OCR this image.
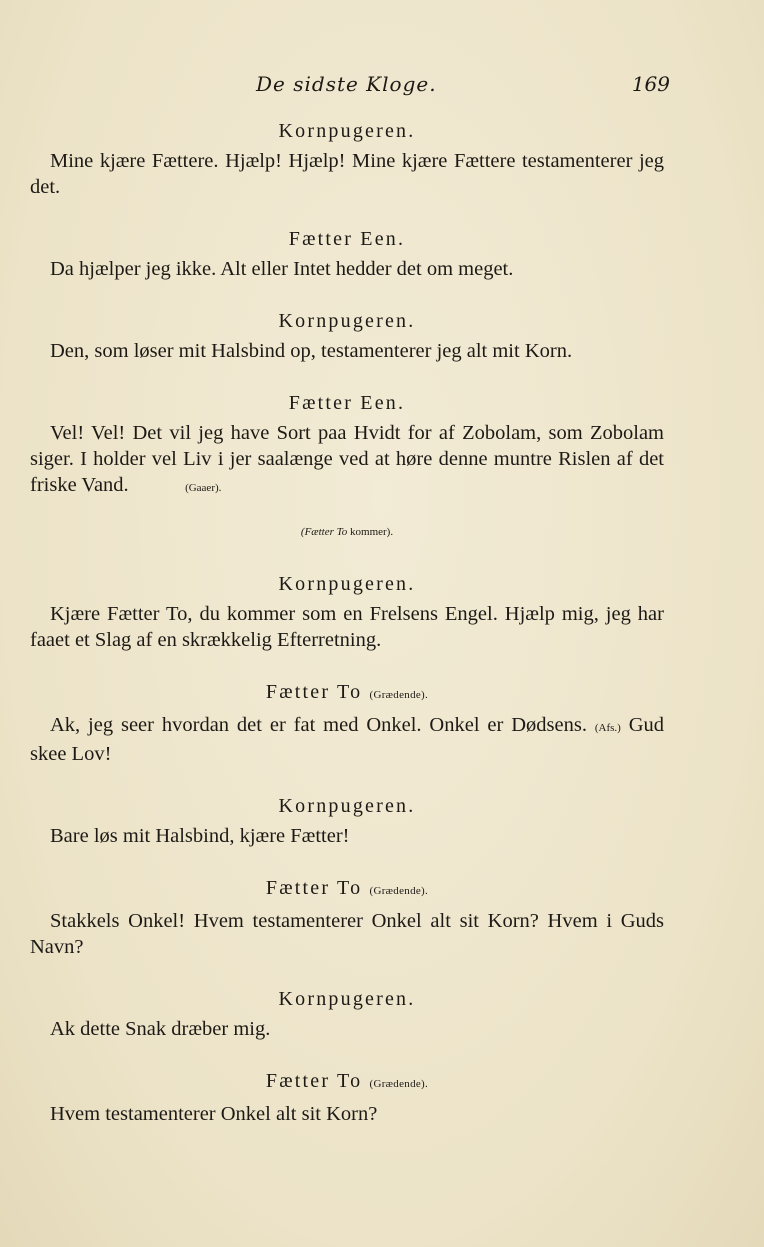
De sidste Kloge.	169
Kornpugeren.

Mine kjære Fættere. Hjælp! Hjælp! Mine kjære Fættere testamenterer jeg det.

Fætter Een.

Da hjælper jeg ikke. Alt eller Intet hedder det om meget.

Kornpugeren.

Den, som løser mit Halsbind op, testamenterer jeg alt mit Korn.

Fætter Een.

Vel! Vel! Det vil jeg have Sort paa Hvidt for af Zobolam, som Zobolam siger. I holder vel Liv i jer saalænge ved at høre denne muntre Rislen af det friske Vand.	(Gaaer).

(Fætter To kommer).
Kornpugeren.

Kjære Fætter To, du kommer som en Frelsens Engel. Hjælp mig, jeg har faaet et Slag af en skrækkelig Efterretning.

Fætter To (Grædende).

Ak, jeg seer hvordan det er fat med Onkel. Onkel er Dødsens. (Afs.) Gud skee Lov!

Kornpugeren.

Bare løs mit Halsbind, kjære Fætter!

Fætter To (Grædende).

Stakkels Onkel! Hvem testamenterer Onkel alt sit Korn? Hvem i Guds Navn?

Kornpugeren.

Ak dette Snak dræber mig.

Fætter To (Grædende).

Hvem testamenterer Onkel alt sit Korn?
